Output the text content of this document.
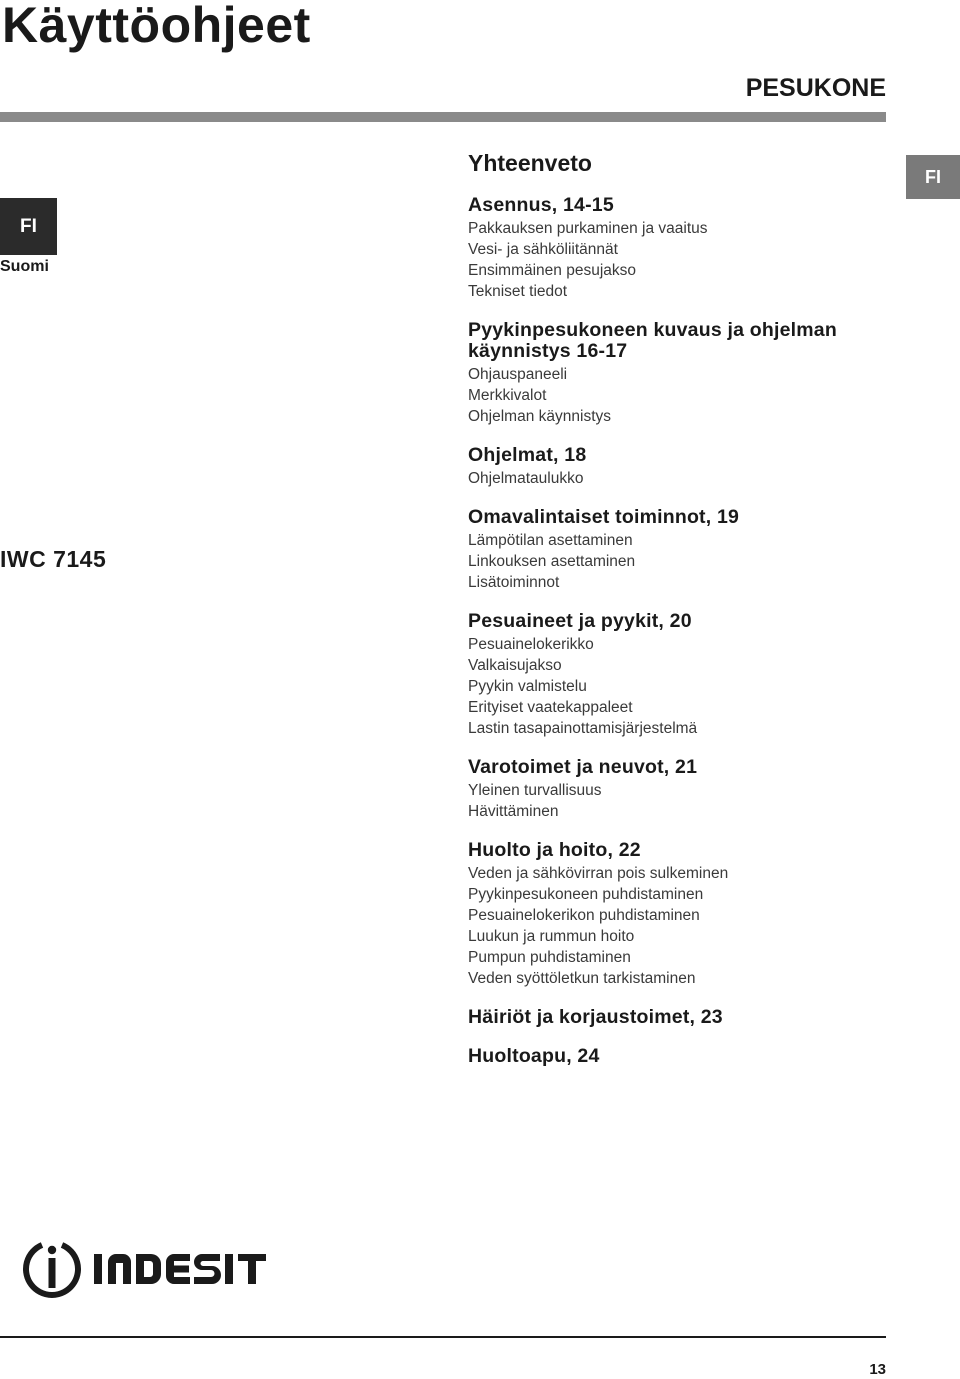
Käyttöohjeet
PESUKONE
FI
FI
Suomi
IWC 7145
Yhteenveto
Asennus, 14-15
Pakkauksen purkaminen ja vaaitus
Vesi- ja sähköliitännät
Ensimmäinen pesujakso
Tekniset tiedot
Pyykinpesukoneen kuvaus ja ohjelman käynnistys 16-17
Ohjauspaneeli
Merkkivalot
Ohjelman käynnistys
Ohjelmat, 18
Ohjelmataulukko
Omavalintaiset toiminnot, 19
Lämpötilan asettaminen
Linkouksen asettaminen
Lisätoiminnot
Pesuaineet ja pyykit, 20
Pesuainelokerikko
Valkaisujakso
Pyykin valmistelu
Erityiset vaatekappaleet
Lastin tasapainottamisjärjestelmä
Varotoimet ja neuvot, 21
Yleinen turvallisuus
Hävittäminen
Huolto ja hoito, 22
Veden ja sähkövirran pois sulkeminen
Pyykinpesukoneen puhdistaminen
Pesuainelokerikon puhdistaminen
Luukun ja rummun hoito
Pumpun puhdistaminen
Veden syöttöletkun tarkistaminen
Häiriöt ja korjaustoimet, 23
Huoltoapu, 24
13
